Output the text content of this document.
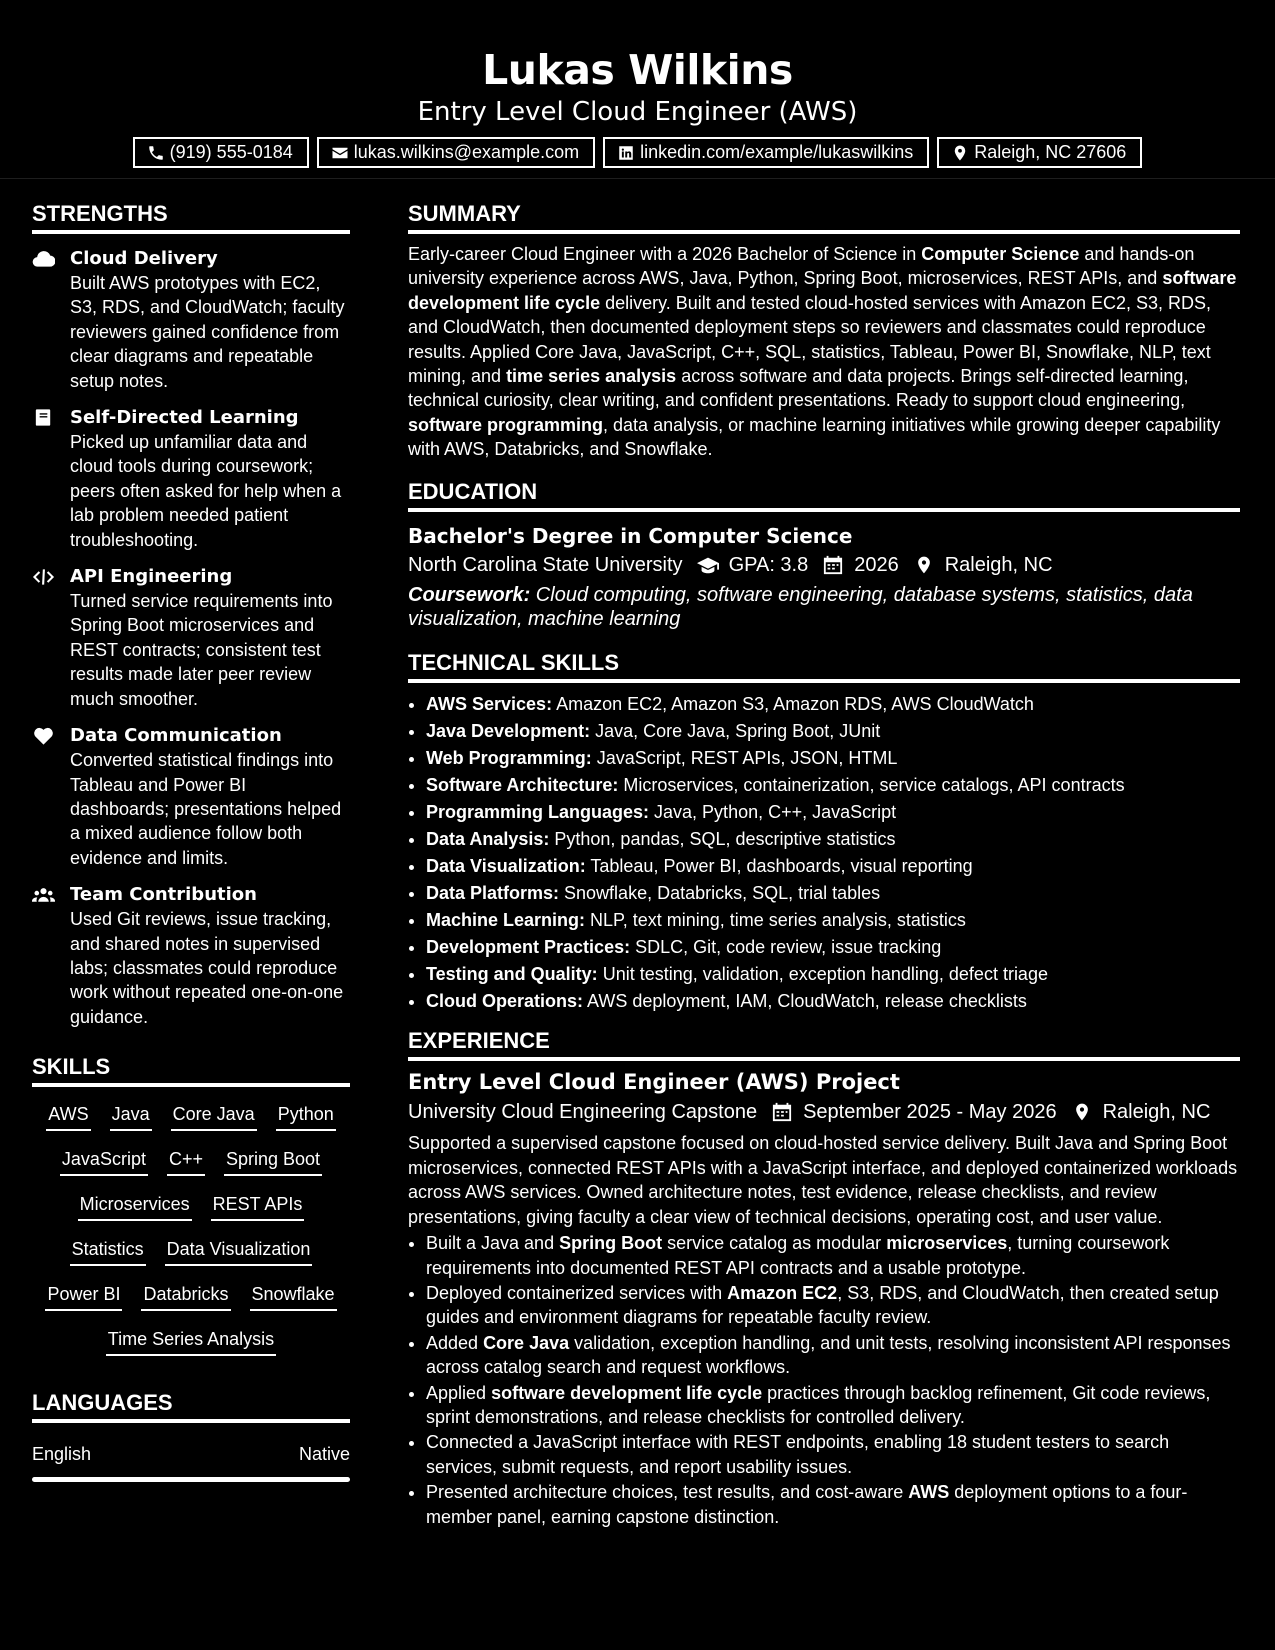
Lukas Wilkins
Entry Level Cloud Engineer (AWS)
(919) 555-0184	lukas.wilkins@example.com	linkedin.com/example/lukaswilkins	Raleigh, NC 27606
STRENGTHS
Cloud Delivery
Built AWS prototypes with EC2, S3, RDS, and CloudWatch; faculty reviewers gained confidence from clear diagrams and repeatable setup notes.
Self-Directed Learning
Picked up unfamiliar data and cloud tools during coursework; peers often asked for help when a lab problem needed patient troubleshooting.
API Engineering
Turned service requirements into Spring Boot microservices and REST contracts; consistent test results made later peer review much smoother.
Data Communication
Converted statistical findings into Tableau and Power BI dashboards; presentations helped a mixed audience follow both evidence and limits.
Team Contribution
Used Git reviews, issue tracking, and shared notes in supervised labs; classmates could reproduce work without repeated one-on-one guidance.
SKILLS
AWS Java Core Java Python
JavaScript C++ Spring Boot
Microservices REST APIs
Statistics Data Visualization
Power BI Databricks Snowflake
Time Series Analysis
LANGUAGES
English	Native
SUMMARY
Early-career Cloud Engineer with a 2026 Bachelor of Science in Computer Science and hands-on university experience across AWS, Java, Python, Spring Boot, microservices, REST APIs, and software development life cycle delivery. Built and tested cloud-hosted services with Amazon EC2, S3, RDS, and CloudWatch, then documented deployment steps so reviewers and classmates could reproduce results. Applied Core Java, JavaScript, C++, SQL, statistics, Tableau, Power BI, Snowflake, NLP, text mining, and time series analysis across software and data projects. Brings self-directed learning, technical curiosity, clear writing, and confident presentations. Ready to support cloud engineering, software programming, data analysis, or machine learning initiatives while growing deeper capability with AWS, Databricks, and Snowflake.
EDUCATION
Bachelor's Degree in Computer Science
North Carolina State University GPA: 3.8 2026 Raleigh, NC
Coursework: Cloud computing, software engineering, database systems, statistics, data visualization, machine learning
TECHNICAL SKILLS
• AWS Services: Amazon EC2, Amazon S3, Amazon RDS, AWS CloudWatch
• Java Development: Java, Core Java, Spring Boot, JUnit
• Web Programming: JavaScript, REST APIs, JSON, HTML
• Software Architecture: Microservices, containerization, service catalogs, API contracts
• Programming Languages: Java, Python, C++, JavaScript
• Data Analysis: Python, pandas, SQL, descriptive statistics
• Data Visualization: Tableau, Power BI, dashboards, visual reporting
• Data Platforms: Snowflake, Databricks, SQL, trial tables
• Machine Learning: NLP, text mining, time series analysis, statistics
• Development Practices: SDLC, Git, code review, issue tracking
• Testing and Quality: Unit testing, validation, exception handling, defect triage
• Cloud Operations: AWS deployment, IAM, CloudWatch, release checklists
EXPERIENCE
Entry Level Cloud Engineer (AWS) Project
University Cloud Engineering Capstone September 2025 - May 2026 Raleigh, NC
Supported a supervised capstone focused on cloud-hosted service delivery. Built Java and Spring Boot microservices, connected REST APIs with a JavaScript interface, and deployed containerized workloads across AWS services. Owned architecture notes, test evidence, release checklists, and review presentations, giving faculty a clear view of technical decisions, operating cost, and user value.
• Built a Java and Spring Boot service catalog as modular microservices, turning coursework requirements into documented REST API contracts and a usable prototype.
• Deployed containerized services with Amazon EC2, S3, RDS, and CloudWatch, then created setup guides and environment diagrams for repeatable faculty review.
• Added Core Java validation, exception handling, and unit tests, resolving inconsistent API responses across catalog search and request workflows.
• Applied software development life cycle practices through backlog refinement, Git code reviews, sprint demonstrations, and release checklists for controlled delivery.
• Connected a JavaScript interface with REST endpoints, enabling 18 student testers to search services, submit requests, and report usability issues.
• Presented architecture choices, test results, and cost-aware AWS deployment options to a four-member panel, earning capstone distinction.
